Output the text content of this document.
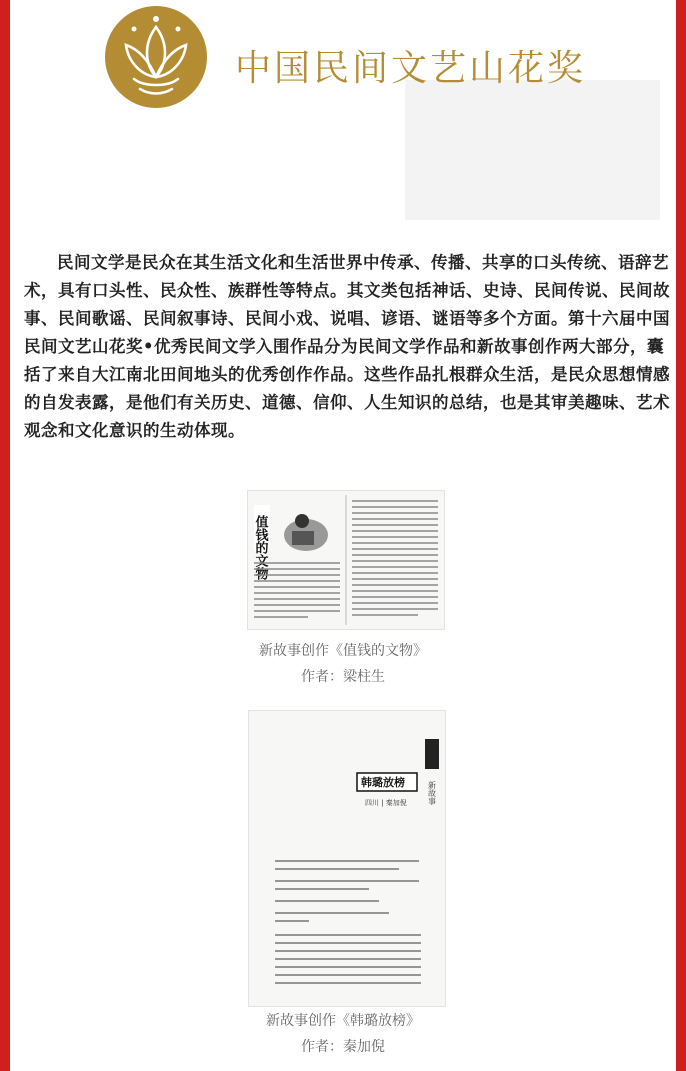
中国民间文艺山花奖

民间文学是民众在其生活文化和生活世界中传承、传播、共享的口头传统、语辞艺术，具有口头性、民众性、族群性等特点。其文类包括神话、史诗、民间传说、民间故事、民间歌谣、民间叙事诗、民间小戏、说唱、谚语、谜语等多个方面。第十六届中国民间文艺山花奖•优秀民间文学入围作品分为民间文学作品和新故事创作两大部分，囊括了来自大江南北田间地头的优秀创作作品。这些作品扎根群众生活，是民众思想情感的自发表露，是他们有关历史、道德、信仰、人生知识的总结，也是其审美趣味、艺术观念和文化意识的生动体现。

值钱的文物
新故事创作《值钱的文物》
作者：梁柱生
新故事
韩璐放榜
四川 | 秦加倪
新故事创作《韩璐放榜》
作者：秦加倪
